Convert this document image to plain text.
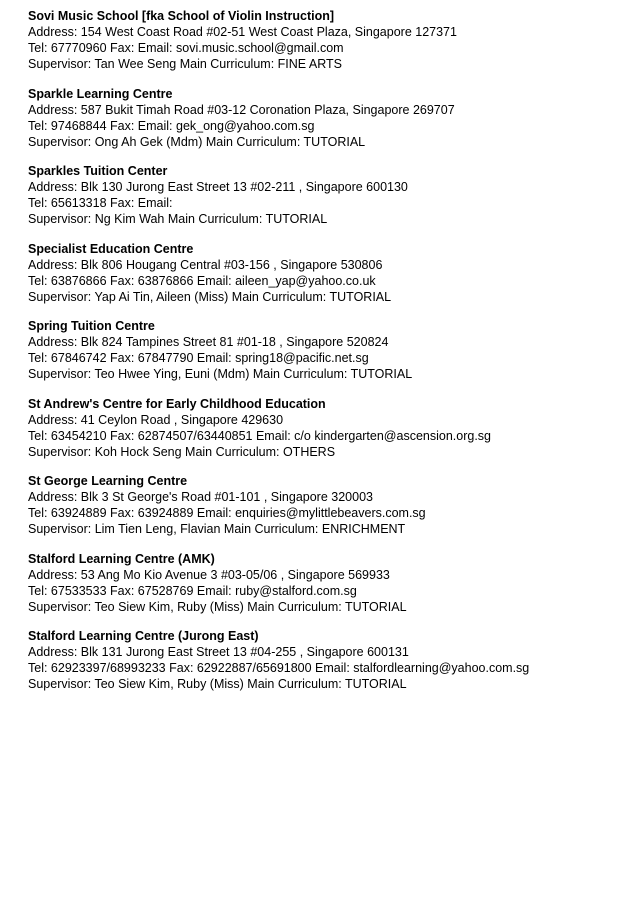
Sovi Music School [fka School of Violin Instruction]
Address: 154 West Coast Road #02-51 West Coast Plaza, Singapore 127371
Tel: 67770960 Fax: Email: sovi.music.school@gmail.com
Supervisor: Tan Wee Seng Main Curriculum: FINE ARTS
Sparkle Learning Centre
Address: 587 Bukit Timah Road #03-12 Coronation Plaza, Singapore 269707
Tel: 97468844 Fax: Email: gek_ong@yahoo.com.sg
Supervisor: Ong Ah Gek (Mdm) Main Curriculum: TUTORIAL
Sparkles Tuition Center
Address: Blk 130 Jurong East Street 13 #02-211 , Singapore 600130
Tel: 65613318 Fax: Email:
Supervisor: Ng Kim Wah Main Curriculum: TUTORIAL
Specialist Education Centre
Address: Blk 806 Hougang Central #03-156 , Singapore 530806
Tel: 63876866 Fax: 63876866 Email: aileen_yap@yahoo.co.uk
Supervisor: Yap Ai Tin, Aileen (Miss) Main Curriculum: TUTORIAL
Spring Tuition Centre
Address: Blk 824 Tampines Street 81 #01-18 , Singapore 520824
Tel: 67846742 Fax: 67847790 Email: spring18@pacific.net.sg
Supervisor: Teo Hwee Ying, Euni (Mdm) Main Curriculum: TUTORIAL
St Andrew's Centre for Early Childhood Education
Address: 41 Ceylon Road , Singapore 429630
Tel: 63454210 Fax: 62874507/63440851 Email: c/o kindergarten@ascension.org.sg
Supervisor: Koh Hock Seng Main Curriculum: OTHERS
St George Learning Centre
Address: Blk 3 St George's Road #01-101 , Singapore 320003
Tel: 63924889 Fax: 63924889 Email: enquiries@mylittlebeavers.com.sg
Supervisor: Lim Tien Leng, Flavian Main Curriculum: ENRICHMENT
Stalford Learning Centre (AMK)
Address: 53 Ang Mo Kio Avenue 3 #03-05/06 , Singapore 569933
Tel: 67533533 Fax: 67528769 Email: ruby@stalford.com.sg
Supervisor: Teo Siew Kim, Ruby (Miss) Main Curriculum: TUTORIAL
Stalford Learning Centre (Jurong East)
Address: Blk 131 Jurong East Street 13 #04-255 , Singapore 600131
Tel: 62923397/68993233 Fax: 62922887/65691800 Email: stalfordlearning@yahoo.com.sg
Supervisor: Teo Siew Kim, Ruby (Miss) Main Curriculum: TUTORIAL
